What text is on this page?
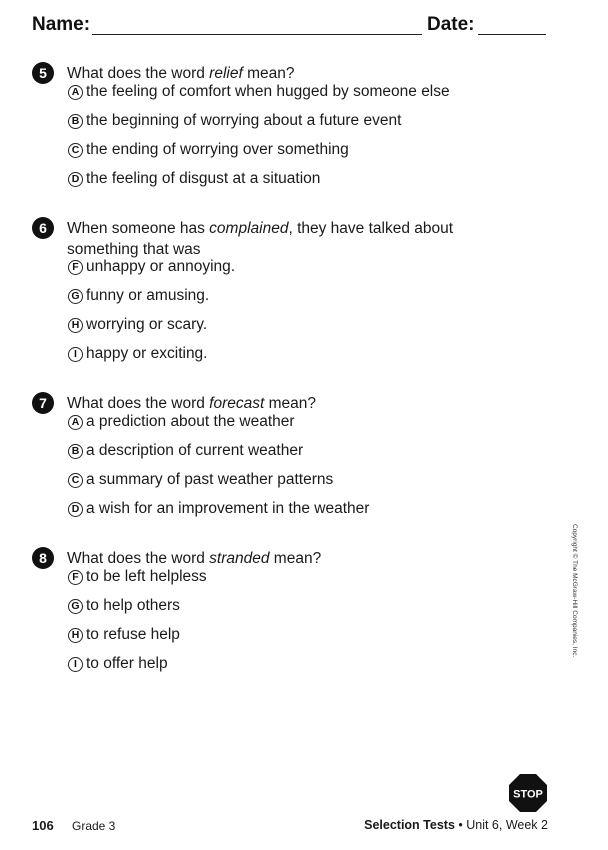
Name:	Date:
5	What does the word relief mean?
6	When someone has complained, they have talked about something that was
7	What does the word forecast mean?
8	What does the word stranded mean?	Copyright © The McGraw-Hill Companies, Inc.
STOP
106 Grade 3	Selection Tests • Unit 6, Week 2
A the feeling of comfort when hugged by someone else
B the beginning of worrying about a future event
C the ending of worrying over something
D the feeling of disgust at a situation
F unhappy or annoying.
G funny or amusing.
H worrying or scary.
I happy or exciting.
A a prediction about the weather
B a description of current weather
C a summary of past weather patterns
D a wish for an improvement in the weather
F to be left helpless
G to help others
H to refuse help
I to offer help
